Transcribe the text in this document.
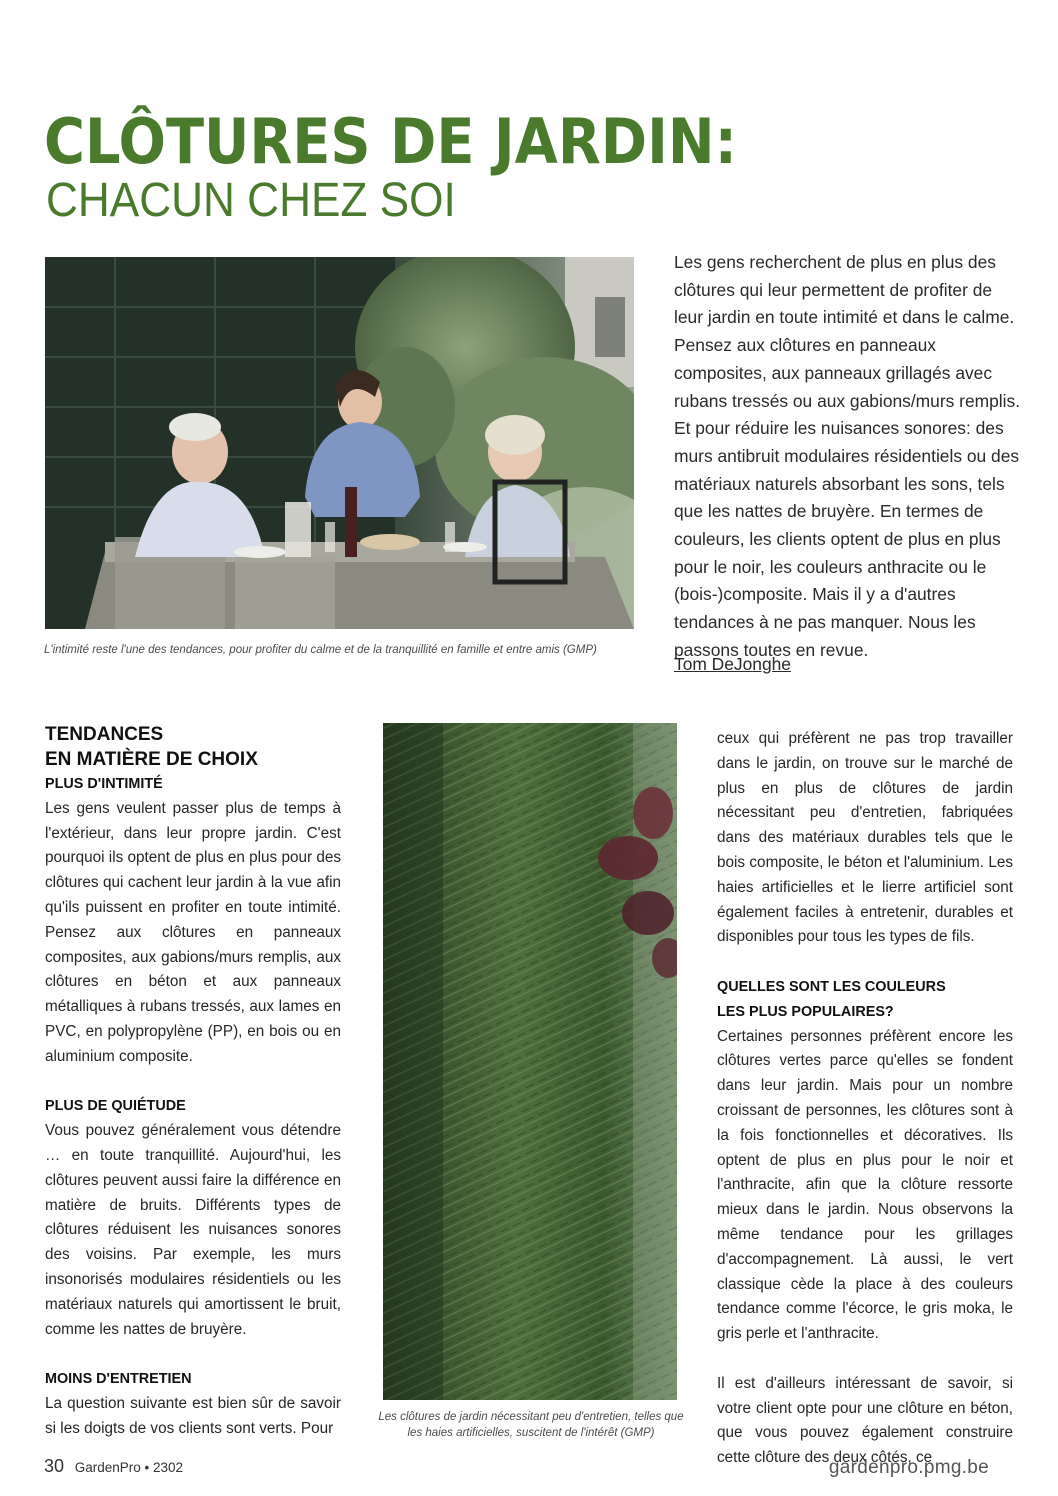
CLÔTURES DE JARDIN:
CHACUN CHEZ SOI
L'intimité reste l'une des tendances, pour profiter du calme et de la tranquillité en famille et entre amis (GMP)

Les gens recherchent de plus en plus des clôtures qui leur permettent de profiter de leur jardin en toute intimité et dans le calme. Pensez aux clôtures en panneaux composites, aux panneaux grillagés avec rubans tressés ou aux gabions/murs remplis. Et pour réduire les nuisances sonores: des murs antibruit modulaires résidentiels ou des matériaux naturels absorbant les sons, tels que les nattes de bruyère. En termes de couleurs, les clients optent de plus en plus pour le noir, les couleurs anthracite ou le (bois-)composite. Mais il y a d'autres tendances à ne pas manquer. Nous les passons toutes en revue.

Tom DeJonghe
TENDANCES
EN MATIÈRE DE CHOIX
PLUS D'INTIMITÉ

Les gens veulent passer plus de temps à l'extérieur, dans leur propre jardin. C'est pourquoi ils optent de plus en plus pour des clôtures qui cachent leur jardin à la vue afin qu'ils puissent en profiter en toute intimité. Pensez aux clôtures en panneaux composites, aux gabions/murs remplis, aux clôtures en béton et aux panneaux métalliques à rubans tressés, aux lames en PVC, en polypropylène (PP), en bois ou en aluminium composite.

PLUS DE QUIÉTUDE

Vous pouvez généralement vous détendre … en toute tranquillité. Aujourd'hui, les clôtures peuvent aussi faire la différence en matière de bruits. Différents types de clôtures réduisent les nuisances sonores des voisins. Par exemple, les murs insonorisés modulaires résidentiels ou les matériaux naturels qui amortissent le bruit, comme les nattes de bruyère.

MOINS D'ENTRETIEN

La question suivante est bien sûr de savoir si les doigts de vos clients sont verts. Pour

Les clôtures de jardin nécessitant peu d'entretien, telles que les haies artificielles, suscitent de l'intérêt (GMP)

ceux qui préfèrent ne pas trop travailler dans le jardin, on trouve sur le marché de plus en plus de clôtures de jardin nécessitant peu d'entretien, fabriquées dans des matériaux durables tels que le bois composite, le béton et l'aluminium. Les haies artificielles et le lierre artificiel sont également faciles à entretenir, durables et disponibles pour tous les types de fils.

QUELLES SONT LES COULEURS
LES PLUS POPULAIRES?

Certaines personnes préfèrent encore les clôtures vertes parce qu'elles se fondent dans leur jardin. Mais pour un nombre croissant de personnes, les clôtures sont à la fois fonctionnelles et décoratives. Ils optent de plus en plus pour le noir et l'anthracite, afin que la clôture ressorte mieux dans le jardin. Nous observons la même tendance pour les grillages d'accompagnement. Là aussi, le vert classique cède la place à des couleurs tendance comme l'écorce, le gris moka, le gris perle et l'anthracite.

Il est d'ailleurs intéressant de savoir, si votre client opte pour une clôture en béton, que vous pouvez également construire cette clôture des deux côtés, ce

30 GardenPro • 2302	gardenpro.pmg.be
